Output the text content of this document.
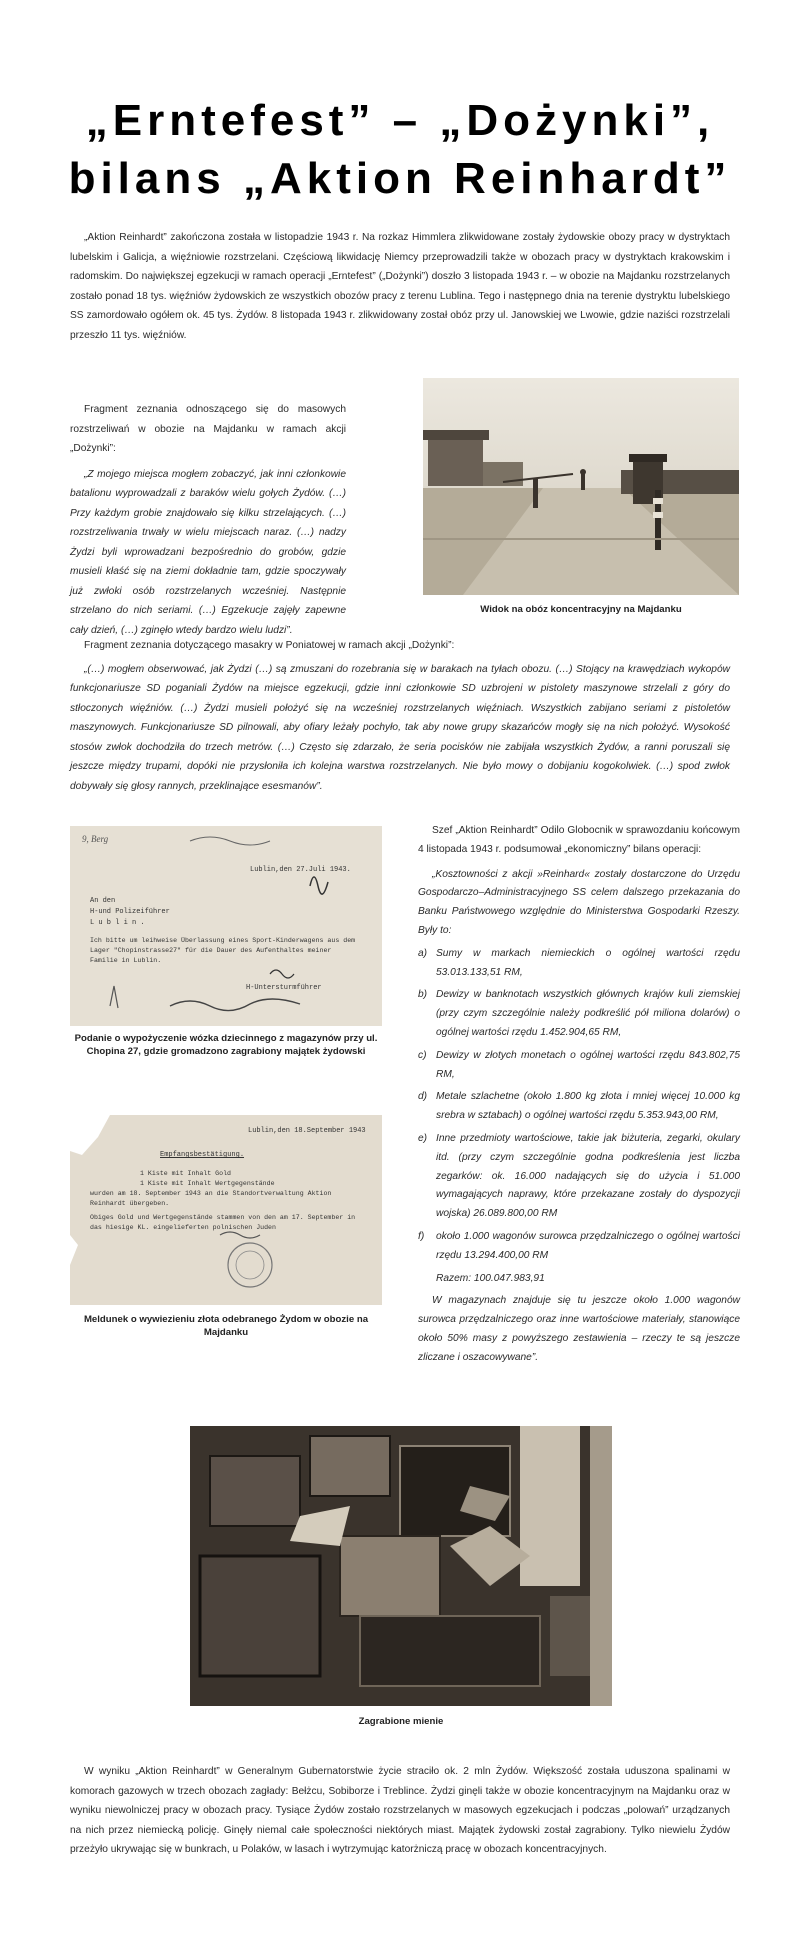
„Erntefest” – „Dożynki”,
bilans „Aktion Reinhardt”

„Aktion Reinhardt” zakończona została w listopadzie 1943 r. Na rozkaz Himmlera zlikwidowane zostały żydowskie obozy pracy w dystryktach lubelskim i Galicja, a więźniowie rozstrzelani. Częściową likwidację Niemcy przeprowadzili także w obozach pracy w dystryktach krakowskim i radomskim. Do największej egzekucji w ramach operacji „Erntefest” („Dożynki”) doszło 3 listopada 1943 r. – w obozie na Majdanku rozstrzelanych zostało ponad 18 tys. więźniów żydowskich ze wszystkich obozów pracy z terenu Lublina. Tego i następnego dnia na terenie dystryktu lubelskiego SS zamordowało ogółem ok. 45 tys. Żydów. 8 listopada 1943 r. zlikwidowany został obóz przy ul. Janowskiej we Lwowie, gdzie naziści rozstrzelali przeszło 11 tys. więźniów.

Fragment zeznania odnoszącego się do masowych rozstrzeliwań w obozie na Majdanku w ramach akcji „Dożynki”:

„Z mojego miejsca mogłem zobaczyć, jak inni członkowie batalionu wyprowadzali z baraków wielu gołych Żydów. (…) Przy każdym grobie znajdowało się kilku strzelających. (…) rozstrzeliwania trwały w wielu miejscach naraz. (…) nadzy Żydzi byli wprowadzani bezpośrednio do grobów, gdzie musieli kłaść się na ziemi dokładnie tam, gdzie spoczywały już zwłoki osób rozstrzelanych wcześniej. Następnie strzelano do nich seriami. (…) Egzekucje zajęły zapewne cały dzień, (…) zginęło wtedy bardzo wielu ludzi”.

Widok na obóz koncentracyjny na Majdanku

Fragment zeznania dotyczącego masakry w Poniatowej w ramach akcji „Dożynki”:

„(…) mogłem obserwować, jak Żydzi (…) są zmuszani do rozebrania się w barakach na tyłach obozu. (…) Stojący na krawędziach wykopów funkcjonariusze SD poganiali Żydów na miejsce egzekucji, gdzie inni członkowie SD uzbrojeni w pistolety maszynowe strzelali z góry do stłoczonych więźniów. (…) Żydzi musieli położyć się na wcześniej rozstrzelanych więźniach. Wszystkich zabijano seriami z pistoletów maszynowych. Funkcjonariusze SD pilnowali, aby ofiary leżały pochyło, tak aby nowe grupy skazańców mogły się na nich położyć. Wysokość stosów zwłok dochodziła do trzech metrów. (…) Często się zdarzało, że seria pocisków nie zabijała wszystkich Żydów, a ranni poruszali się jeszcze między trupami, dopóki nie przysłoniła ich kolejna warstwa rozstrzelanych. Nie było mowy o dobijaniu kogokolwiek. (…) spod zwłok dobywały się głosy rannych, przeklinające esesmanów”.

9, Berg
Lublin,den 27.Juli 1943.
An den
H-und Polizeiführer
L u b l i n .
Ich bitte um leihweise Überlassung eines Sport-Kinderwagens aus dem Lager "Chopinstrasse27" für die Dauer des Aufenthaltes meiner Familie in Lublin.
H-Untersturmführer
Podanie o wypożyczenie wózka dziecinnego z magazynów przy ul. Chopina 27, gdzie gromadzono zagrabiony majątek żydowski
Lublin,den 18.September 1943
Empfangsbestätigung.
1 Kiste mit Inhalt Gold
1 Kiste mit Inhalt Wertgegenstände
wurden am 18. September 1943 an die Standortverwaltung Aktion Reinhardt übergeben.
Obiges Gold und Wertgegenstände stammen von den am 17. September in das hiesige KL. eingelieferten polnischen Juden
Meldunek o wywiezieniu złota odebranego Żydom w obozie na Majdanku

Szef „Aktion Reinhardt” Odilo Globocnik w sprawozdaniu końcowym 4 listopada 1943 r. podsumował „ekonomiczny” bilans operacji:

„Kosztowności z akcji »Reinhard« zostały dostarczone do Urzędu Gospodarczo–Administracyjnego SS celem dalszego przekazania do Banku Państwowego względnie do Ministerstwa Gospodarki Rzeszy. Były to:

a) Sumy w markach niemieckich o ogólnej wartości rzędu 53.013.133,51 RM,
b) Dewizy w banknotach wszystkich głównych krajów kuli ziemskiej (przy czym szczególnie należy podkreślić pół miliona dolarów) o ogólnej wartości rzędu 1.452.904,65 RM,
c) Dewizy w złotych monetach o ogólnej wartości rzędu 843.802,75 RM,
d) Metale szlachetne (około 1.800 kg złota i mniej więcej 10.000 kg srebra w sztabach) o ogólnej wartości rzędu 5.353.943,00 RM,
e) Inne przedmioty wartościowe, takie jak biżuteria, zegarki, okulary itd. (przy czym szczególnie godna podkreślenia jest liczba zegarków: ok. 16.000 nadających się do użycia i 51.000 wymagających naprawy, które przekazane zostały do dyspozycji wojska) 26.089.800,00 RM
f) około 1.000 wagonów surowca przędzalniczego o ogólnej wartości rzędu 13.294.400,00 RM

Razem: 100.047.983,91

W magazynach znajduje się tu jeszcze około 1.000 wagonów surowca przędzalniczego oraz inne wartościowe materiały, stanowiące około 50% masy z powyższego zestawienia – rzeczy te są jeszcze zliczane i oszacowywane”.

Zagrabione mienie

W wyniku „Aktion Reinhardt” w Generalnym Gubernatorstwie życie straciło ok. 2 mln Żydów. Większość została uduszona spalinami w komorach gazowych w trzech obozach zagłady: Bełżcu, Sobiborze i Treblince. Żydzi ginęli także w obozie koncentracyjnym na Majdanku oraz w wyniku niewolniczej pracy w obozach pracy. Tysiące Żydów zostało rozstrzelanych w masowych egzekucjach i podczas „polowań” urządzanych na nich przez niemiecką policję. Ginęły niemal całe społeczności niektórych miast. Majątek żydowski został zagrabiony. Tylko niewielu Żydów przeżyło ukrywając się w bunkrach, u Polaków, w lasach i wytrzymując katorżniczą pracę w obozach koncentracyjnych.
